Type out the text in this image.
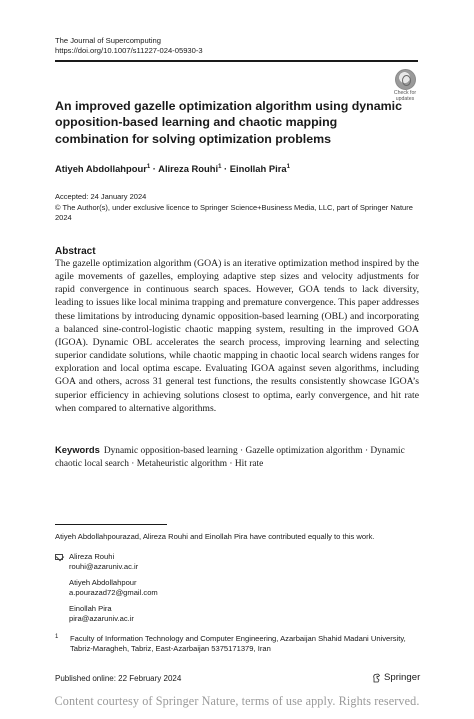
The Journal of Supercomputing
https://doi.org/10.1007/s11227-024-05930-3
Check for
updates
An improved gazelle optimization algorithm using dynamic opposition-based learning and chaotic mapping combination for solving optimization problems
Atiyeh Abdollahpour$^1$ · Alireza Rouhi$^1$ · Einollah Pira$^1$
Accepted: 24 January 2024
© The Author(s), under exclusive licence to Springer Science+Business Media, LLC, part of Springer Nature 2024
Abstract
The gazelle optimization algorithm (GOA) is an iterative optimization method inspired by the agile movements of gazelles, employing adaptive step sizes and velocity adjustments for rapid convergence in continuous search spaces. However, GOA tends to lack diversity, leading to issues like local minima trapping and premature convergence. This paper addresses these limitations by introducing dynamic opposition-based learning (OBL) and incorporating a balanced sine-control-logistic chaotic mapping system, resulting in the improved GOA (IGOA). Dynamic OBL accelerates the search process, improving learning and selecting superior candidate solutions, while chaotic mapping in chaotic local search widens ranges for exploration and local optima escape. Evaluating IGOA against seven algorithms, including GOA and others, across 31 general test functions, the results consistently showcase IGOA’s superior efficiency in achieving solutions closest to optima, early convergence, and hit rate when compared to alternative algorithms.
Keywords Dynamic opposition-based learning · Gazelle optimization algorithm · Dynamic chaotic local search · Metaheuristic algorithm · Hit rate
Atiyeh Abdollahpourazad, Alireza Rouhi and Einollah Pira have contributed equally to this work.
Alireza Rouhi
rouhi@azaruniv.ac.ir
Atiyeh Abdollahpour
a.pourazad72@gmail.com
Einollah Pira
pira@azaruniv.ac.ir
1 Faculty of Information Technology and Computer Engineering, Azarbaijan Shahid Madani University, Tabriz-Maragheh, Tabriz, East-Azarbaijan 5375171379, Iran
Published online: 22 February 2024	Springer
Content courtesy of Springer Nature, terms of use apply. Rights reserved.
